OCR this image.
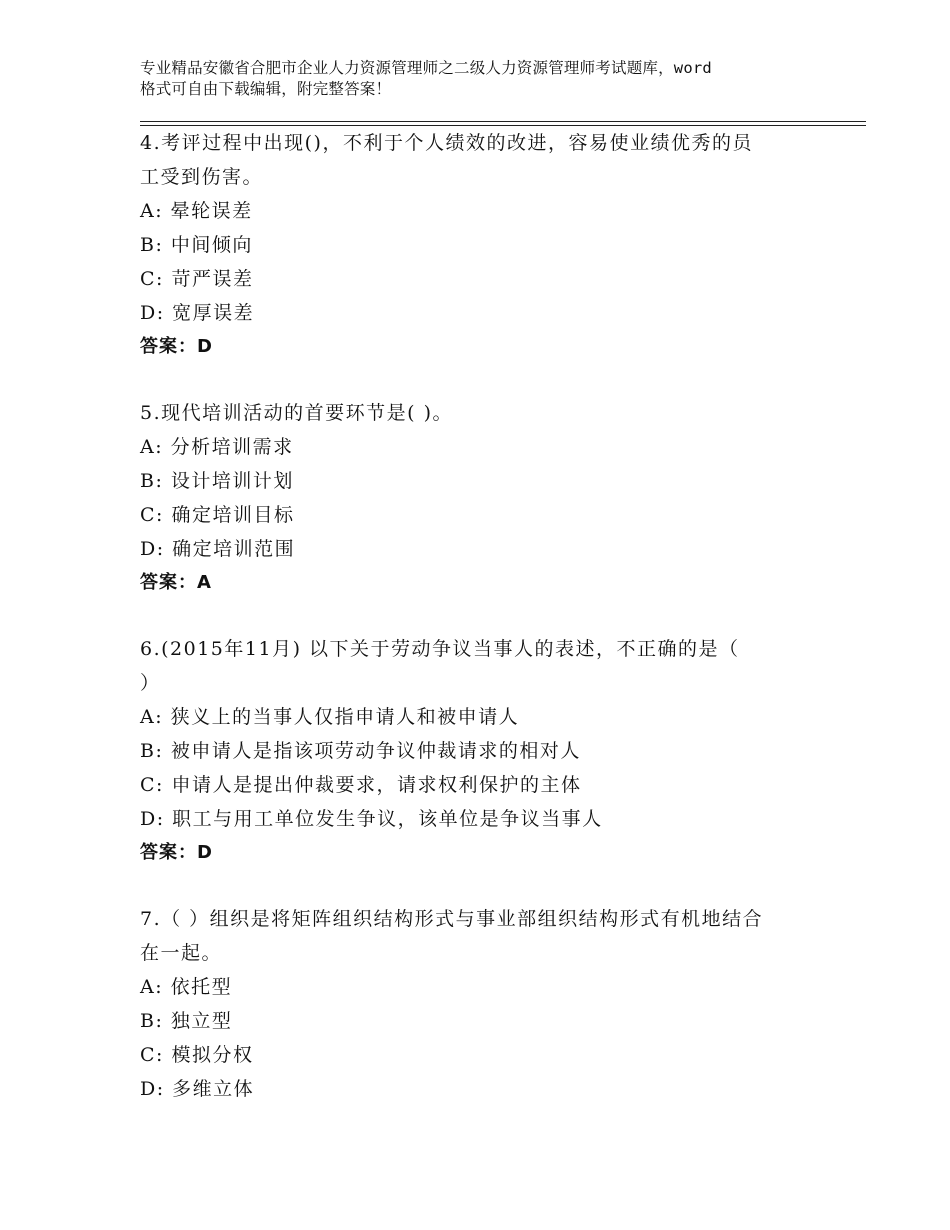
专业精品安徽省合肥市企业人力资源管理师之二级人力资源管理师考试题库，word
格式可自由下载编辑，附完整答案！
4.考评过程中出现()，不利于个人绩效的改进，容易使业绩优秀的员
工受到伤害。
A: 晕轮误差
B: 中间倾向
C: 苛严误差
D: 宽厚误差
答案：D
5.现代培训活动的首要环节是( )。
A: 分析培训需求
B: 设计培训计划
C: 确定培训目标
D: 确定培训范围
答案：A
6.(2015年11月) 以下关于劳动争议当事人的表述，不正确的是（
）
A: 狭义上的当事人仅指申请人和被申请人
B: 被申请人是指该项劳动争议仲裁请求的相对人
C: 申请人是提出仲裁要求，请求权利保护的主体
D: 职工与用工单位发生争议，该单位是争议当事人
答案：D
7.（ ）组织是将矩阵组织结构形式与事业部组织结构形式有机地结合
在一起。
A: 依托型
B: 独立型
C: 模拟分权
D: 多维立体
